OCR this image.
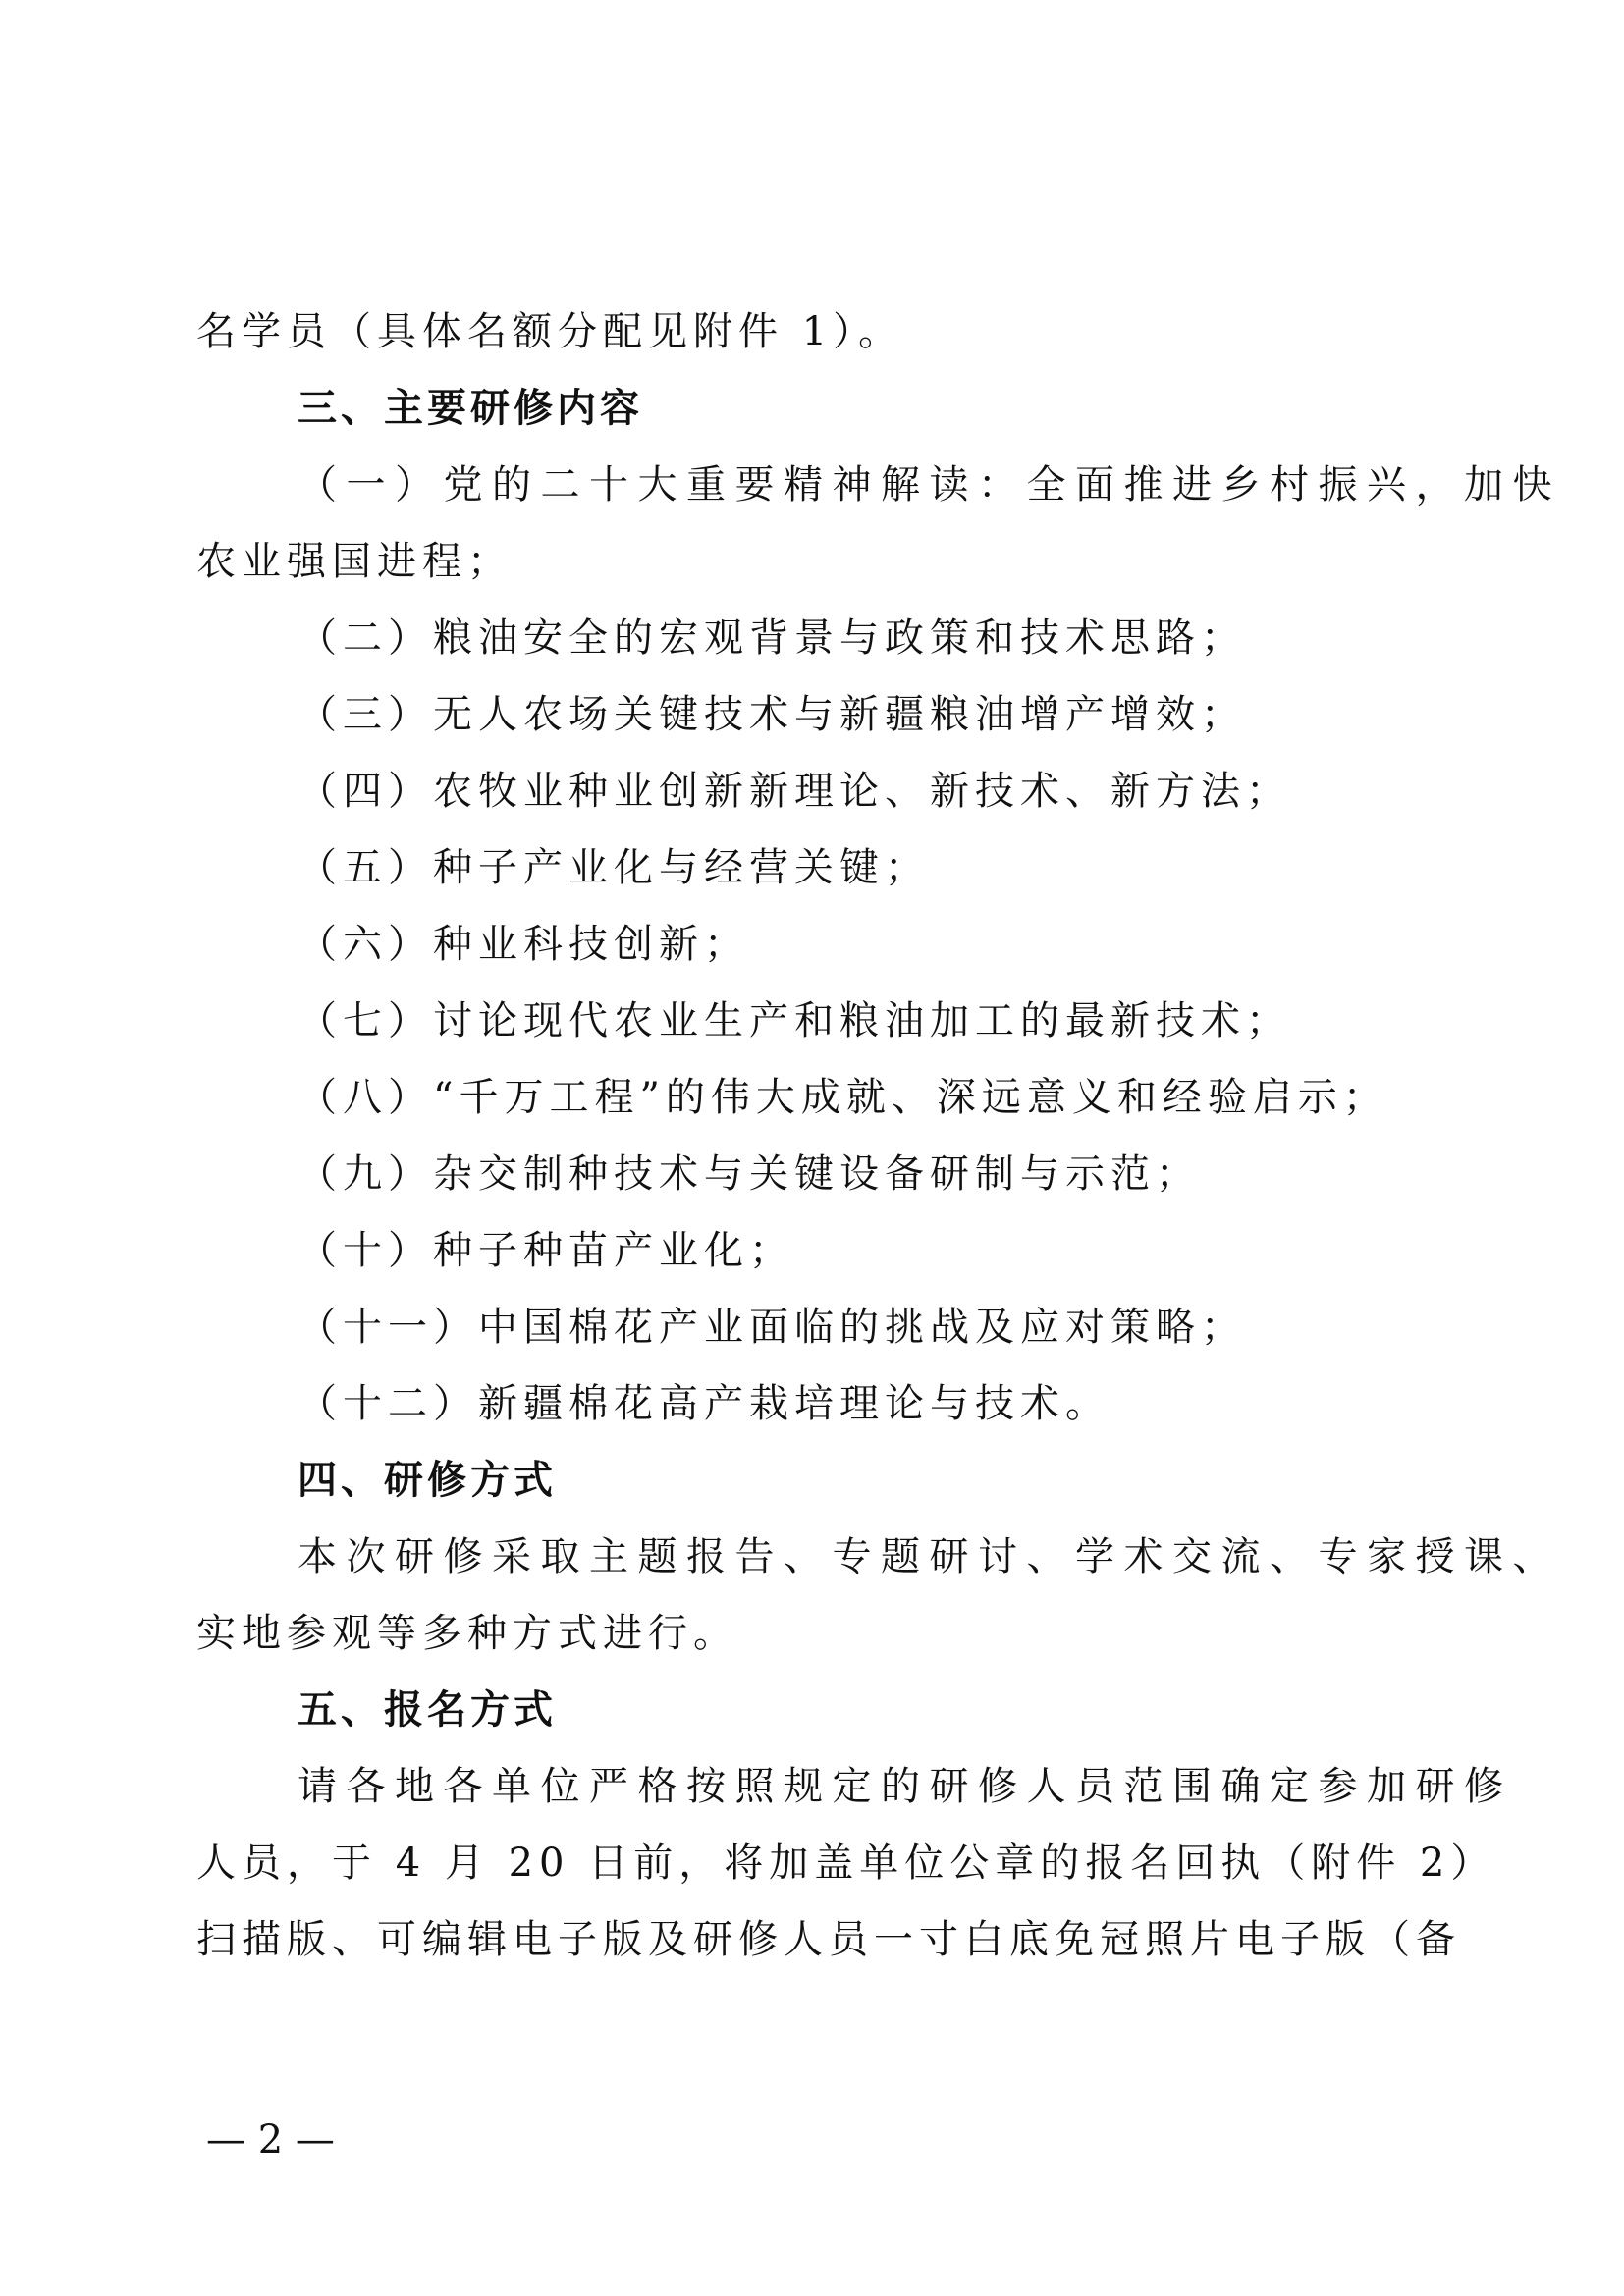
名学员（具体名额分配见附件 1）。
三、主要研修内容
（一）党的二十大重要精神解读：全面推进乡村振兴，加快
农业强国进程；
（二）粮油安全的宏观背景与政策和技术思路；
（三）无人农场关键技术与新疆粮油增产增效；
（四）农牧业种业创新新理论、新技术、新方法；
（五）种子产业化与经营关键；
（六）种业科技创新；
（七）讨论现代农业生产和粮油加工的最新技术；
（八）“千万工程”的伟大成就、深远意义和经验启示；
（九）杂交制种技术与关键设备研制与示范；
（十）种子种苗产业化；
（十一）中国棉花产业面临的挑战及应对策略；
（十二）新疆棉花高产栽培理论与技术。
四、研修方式
本次研修采取主题报告、专题研讨、学术交流、专家授课、
实地参观等多种方式进行。
五、报名方式
请各地各单位严格按照规定的研修人员范围确定参加研修
人员，于 4 月 20 日前，将加盖单位公章的报名回执（附件 2）
扫描版、可编辑电子版及研修人员一寸白底免冠照片电子版（备
— 2 —
